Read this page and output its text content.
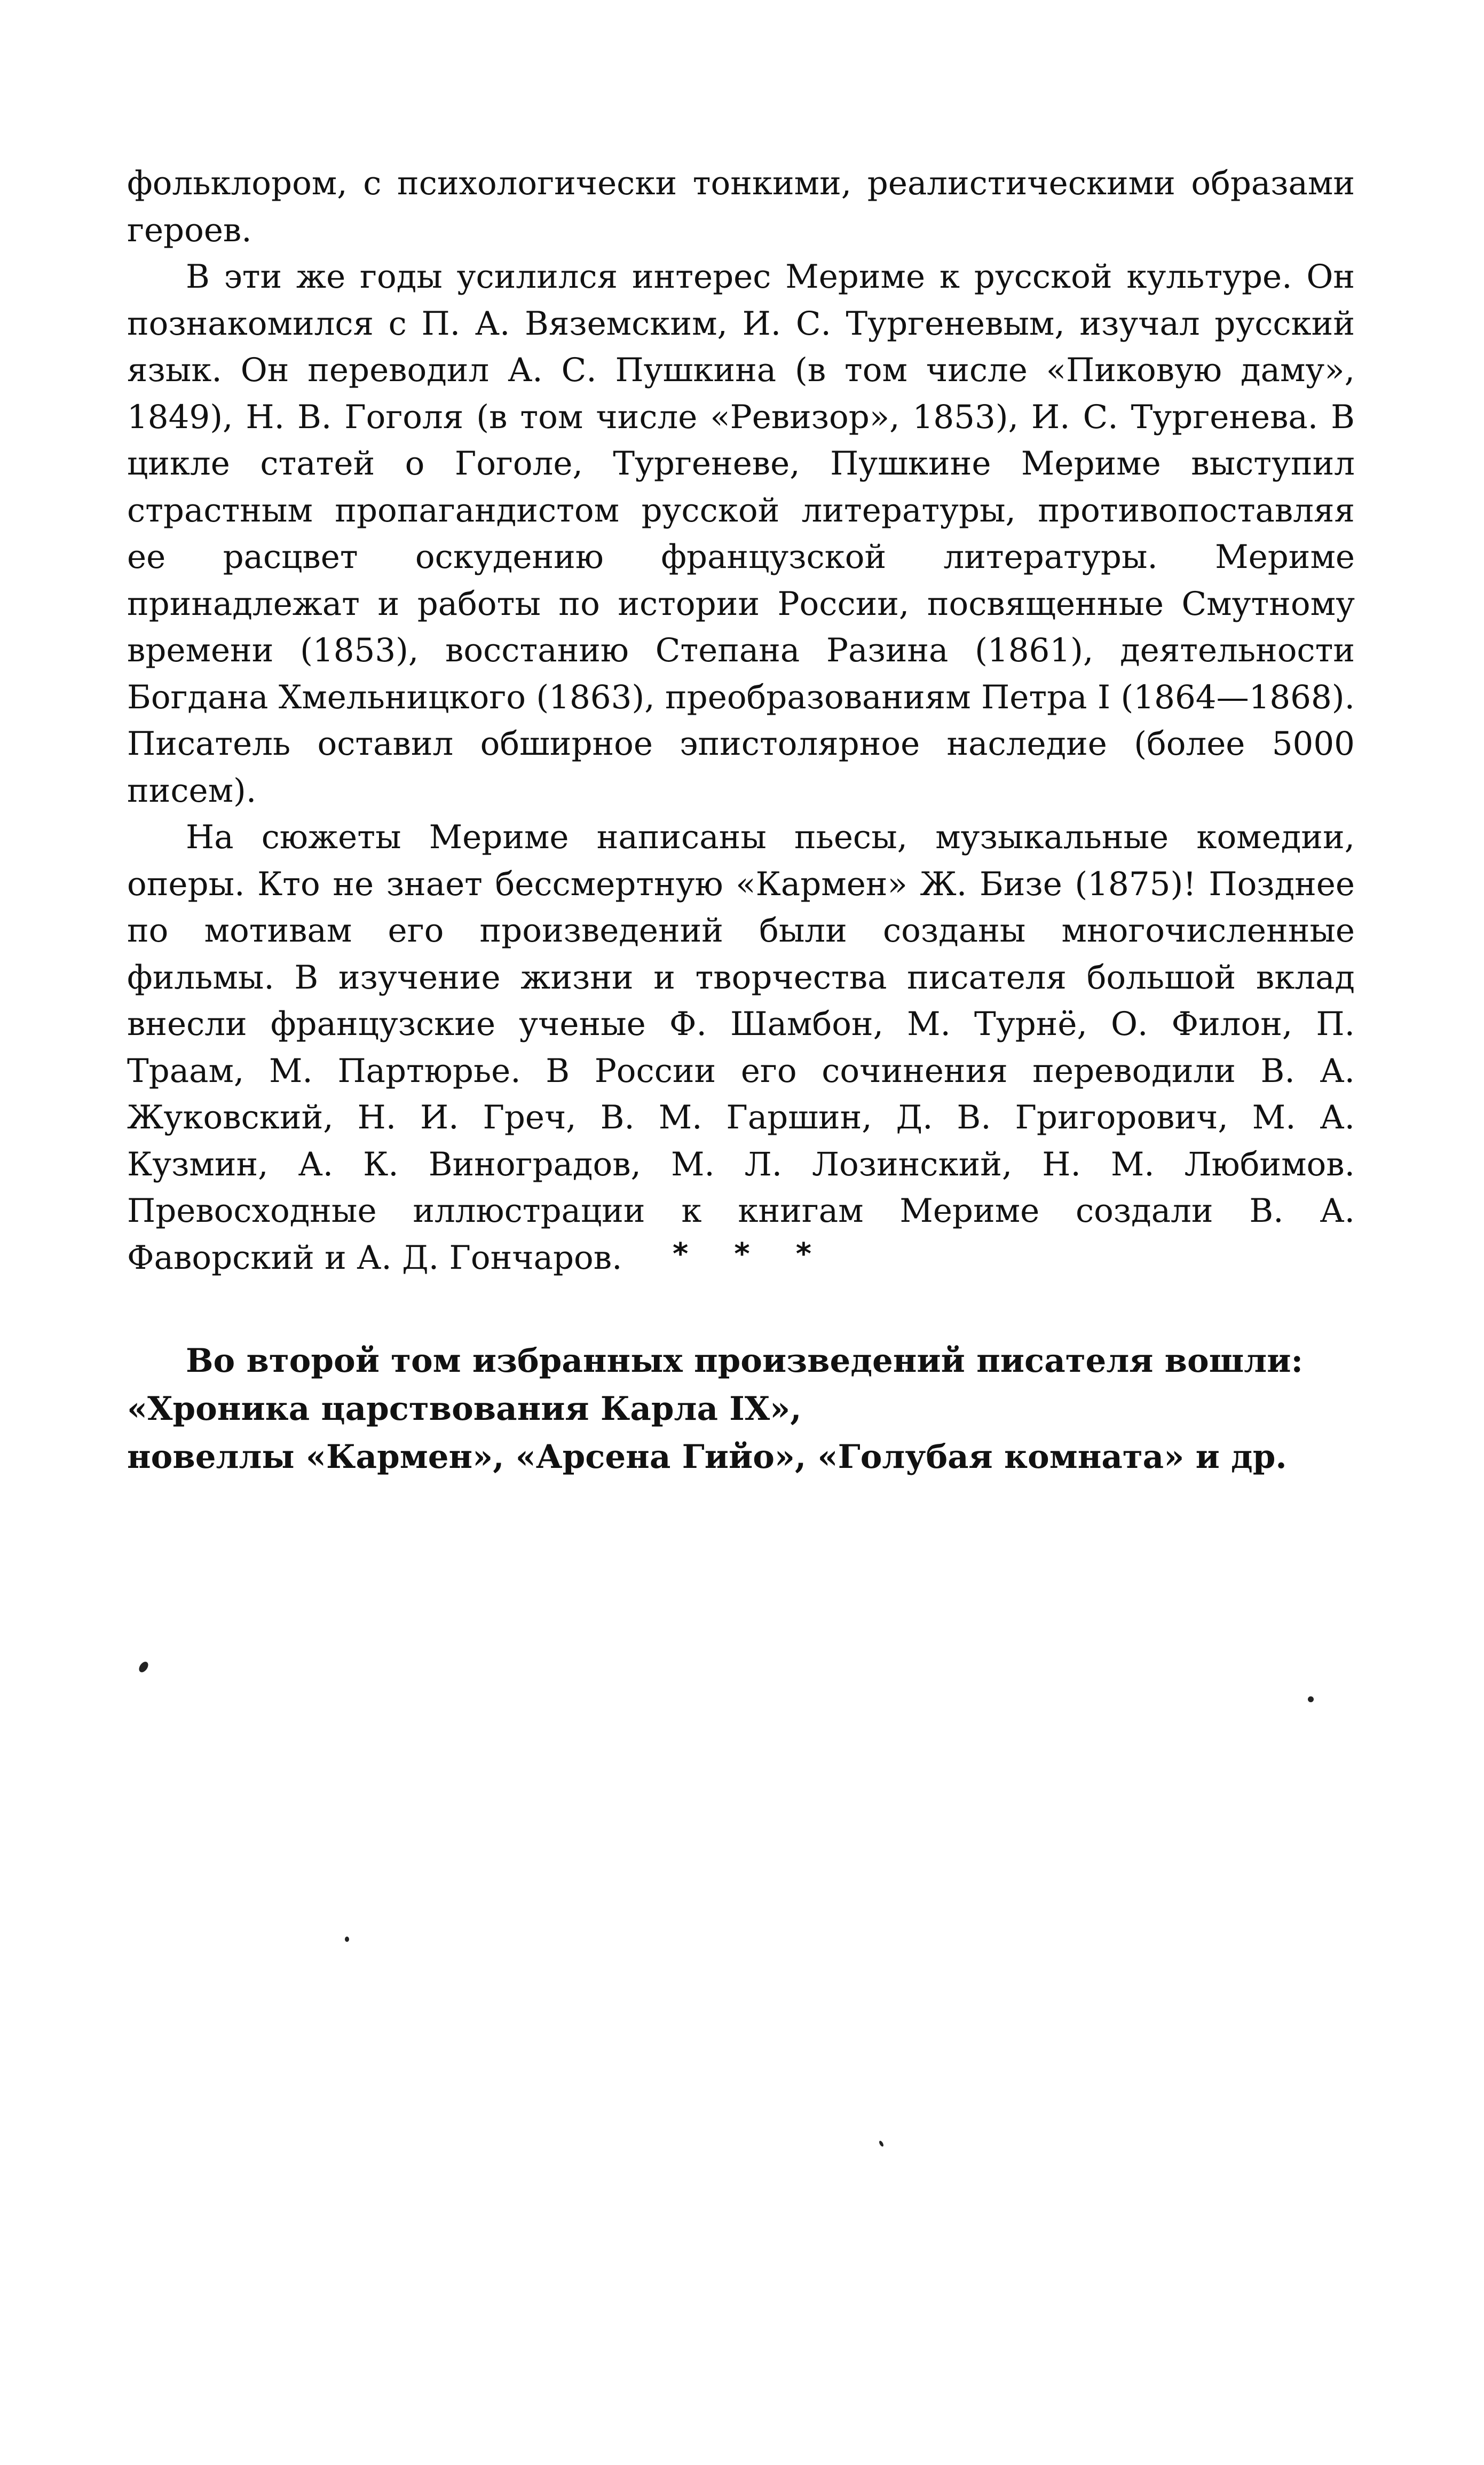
фольклором, с психологически тонкими, реалистическими образами героев.

В эти же годы усилился интерес Мериме к русской культуре. Он познакомился с П. А. Вяземским, И. С. Тургеневым, изучал русский язык. Он переводил А. С. Пушкина (в том числе «Пиковую даму», 1849), Н. В. Гоголя (в том числе «Ревизор», 1853), И. С. Тургенева. В цикле статей о Гоголе, Тургеневе, Пушкине Мериме выступил страстным пропагандистом русской литературы, противопоставляя ее расцвет оскудению французской литературы. Мериме принадлежат и работы по истории России, посвященные Смутному времени (1853), восстанию Степана Разина (1861), деятельности Богдана Хмельницкого (1863), преобразованиям Петра I (1864—1868). Писатель оставил обширное эпистолярное наследие (более 5000 писем).

На сюжеты Мериме написаны пьесы, музыкальные комедии, оперы. Кто не знает бессмертную «Кармен» Ж. Бизе (1875)! Позднее по мотивам его произведений были созданы многочисленные фильмы. В изучение жизни и творчества писателя большой вклад внесли французские ученые Ф. Шамбон, М. Турнё, О. Филон, П. Траам, М. Партюрье. В России его сочинения переводили В. А. Жуковский, Н. И. Греч, В. М. Гаршин, Д. В. Григорович, М. А. Кузмин, А. К. Виноградов, М. Л. Лозинский, Н. М. Любимов. Превосходные иллюстрации к книгам Мериме создали В. А. Фаворский и А. Д. Гончаров.	* * *

Во второй том избранных произведений писателя вошли:

«Хроника царствования Карла IX»,

новеллы «Кармен», «Арсена Гийо», «Голубая комната» и др.
